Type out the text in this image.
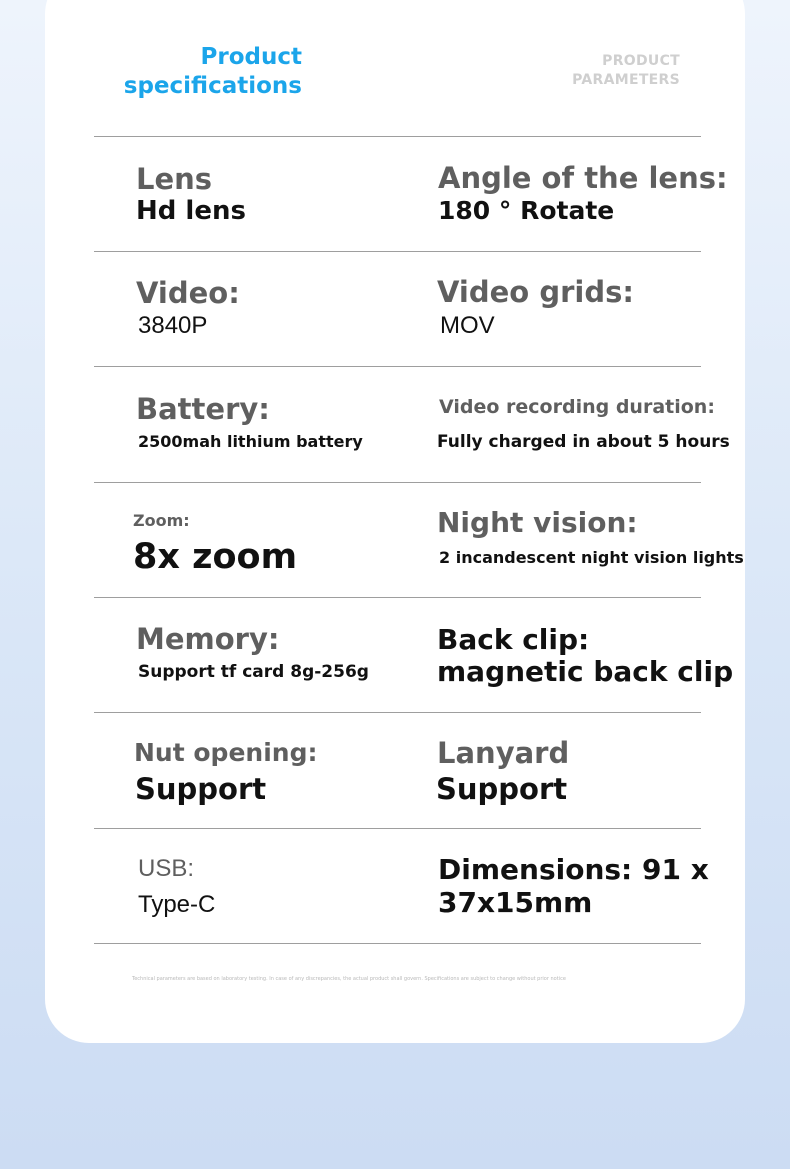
Product
specifications
PRODUCT
PARAMETERS
Lens
Hd lens
Angle of the lens:
180 ° Rotate
Video:
3840P
Video grids:
MOV
Battery:
2500mah lithium battery
Video recording duration:
Fully charged in about 5 hours
Zoom:
8x zoom
Night vision:
2 incandescent night vision lights
Memory:
Support tf card 8g-256g
Back clip:
magnetic back clip
Nut opening:
Support
Lanyard
Support
USB:
Type-C
Dimensions: 91 x
37x15mm
Technical parameters are based on laboratory testing. In case of any discrepancies, the actual product shall govern. Specifications are subject to change without prior notice
